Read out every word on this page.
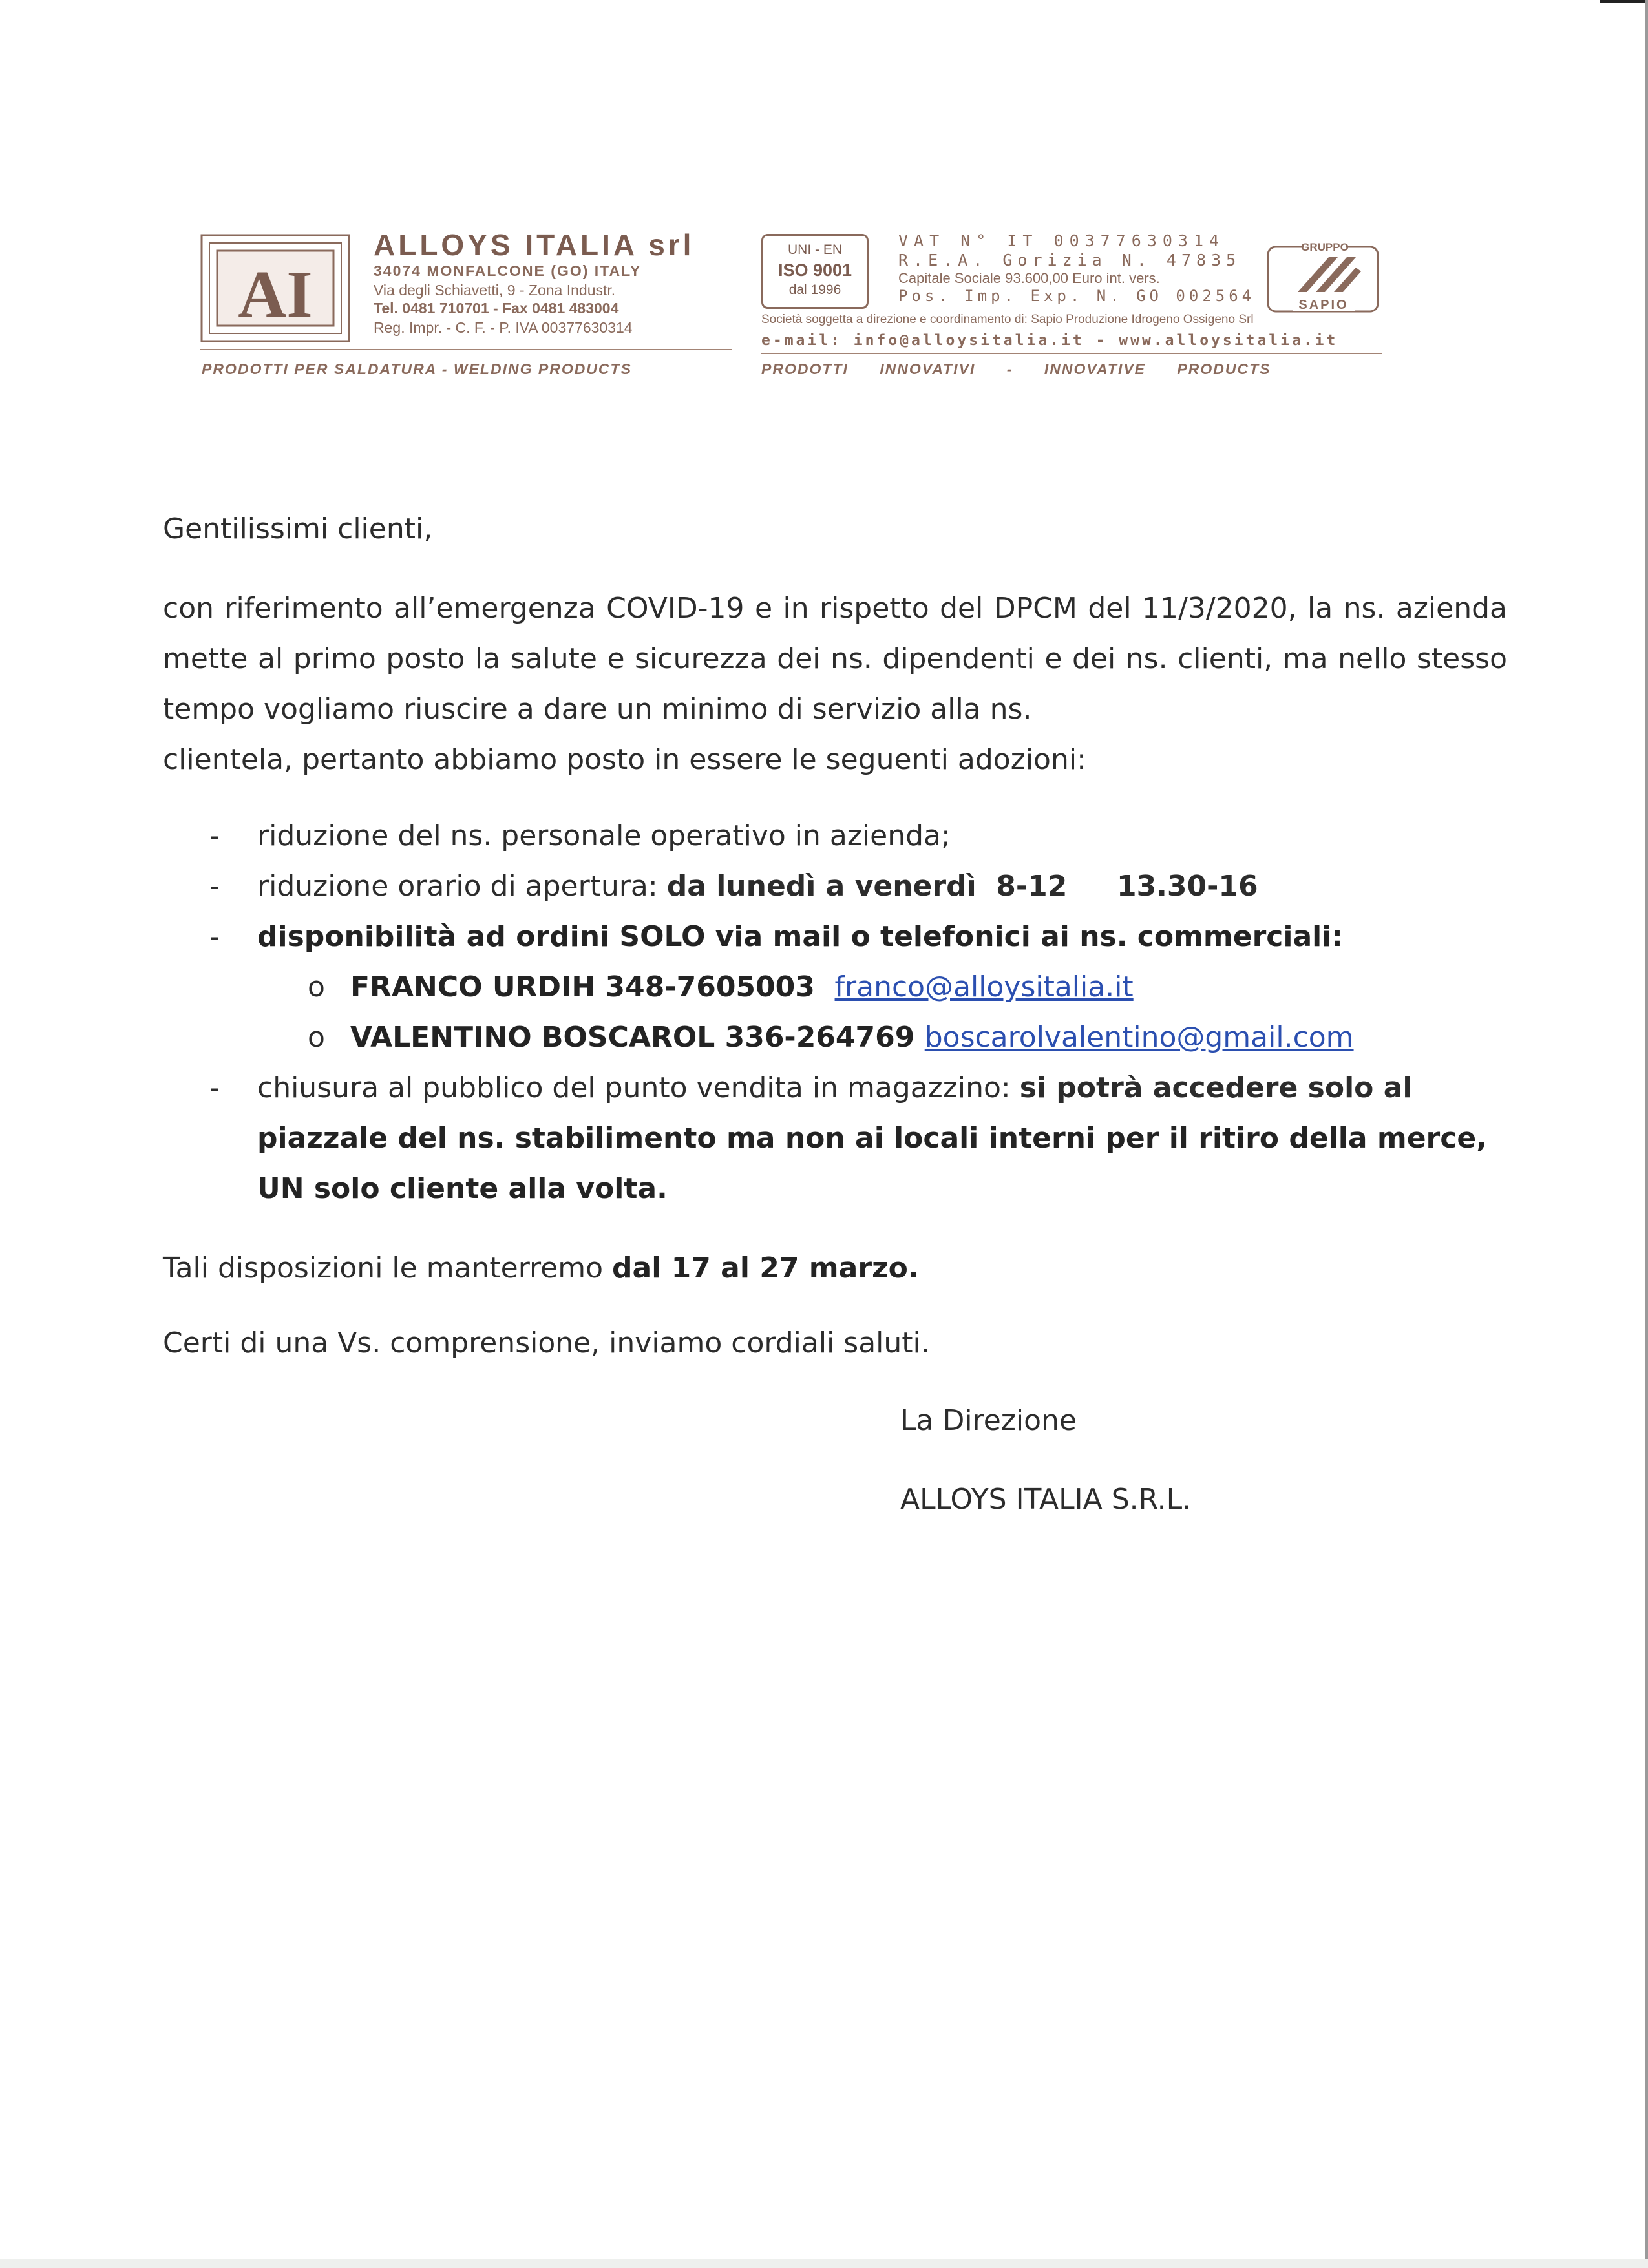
AI
ALLOYS ITALIA srl
34074 MONFALCONE (GO) ITALY
Via degli Schiavetti, 9 - Zona Industr.
Tel. 0481 710701 - Fax 0481 483004
Reg. Impr. - C. F. - P. IVA 00377630314
PRODOTTI PER SALDATURA - WELDING PRODUCTS
UNI - EN
ISO 9001
dal 1996
VAT N° IT 00377630314
R.E.A. Gorizia N. 47835
Capitale Sociale 93.600,00 Euro int. vers.
Pos. Imp. Exp. N. GO 002564
Società soggetta a direzione e coordinamento di: Sapio Produzione Idrogeno Ossigeno Srl
e-mail: info@alloysitalia.it - www.alloysitalia.it
PRODOTTI INNOVATIVI - INNOVATIVE PRODUCTS
GRUPPO
SAPIO
Gentilissimi clienti,
con riferimento all’emergenza COVID-19 e in rispetto del DPCM del 11/3/2020, la ns. azienda mette al primo posto la salute e sicurezza dei ns. dipendenti e dei ns. clienti, ma nello stesso tempo vogliamo riuscire a dare un minimo di servizio alla ns.
clientela, pertanto abbiamo posto in essere le seguenti adozioni:
- riduzione del ns. personale operativo in azienda;
- riduzione orario di apertura: da lunedì a venerdì  8-12     13.30-16
- disponibilità ad ordini SOLO via mail o telefonici ai ns. commerciali:
o FRANCO URDIH 348-7605003 franco@alloysitalia.it
o VALENTINO BOSCAROL 336-264769 boscarolvalentino@gmail.com
- chiusura al pubblico del punto vendita in magazzino: si potrà accedere solo al
piazzale del ns. stabilimento ma non ai locali interni per il ritiro della merce,
UN solo cliente alla volta.
Tali disposizioni le manterremo dal 17 al 27 marzo.
Certi di una Vs. comprensione, inviamo cordiali saluti.
La Direzione
ALLOYS ITALIA S.R.L.
